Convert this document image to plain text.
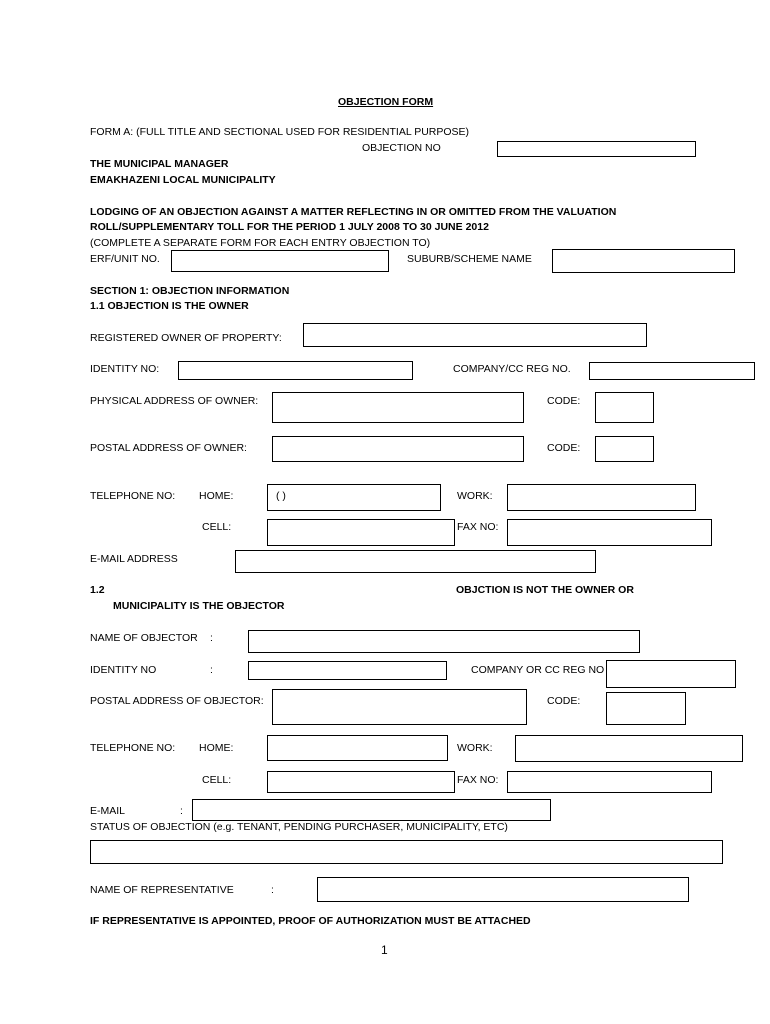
OBJECTION FORM
FORM A: (FULL TITLE AND SECTIONAL USED FOR RESIDENTIAL PURPOSE)
OBJECTION NO
THE MUNICIPAL MANAGER
EMAKHAZENI LOCAL MUNICIPALITY
LODGING OF AN OBJECTION AGAINST A MATTER REFLECTING IN OR OMITTED FROM THE VALUATION
ROLL/SUPPLEMENTARY TOLL FOR THE PERIOD 1 JULY 2008 TO 30 JUNE 2012
(COMPLETE A SEPARATE FORM FOR EACH ENTRY OBJECTION TO)
ERF/UNIT NO.	SUBURB/SCHEME NAME
SECTION 1: OBJECTION INFORMATION
1.1 OBJECTION IS THE OWNER
REGISTERED OWNER OF PROPERTY:
IDENTITY NO:	COMPANY/CC REG NO.
PHYSICAL ADDRESS OF OWNER:	CODE:
POSTAL ADDRESS OF OWNER:	CODE:
TELEPHONE NO: HOME:	( )	WORK:
CELL:	FAX NO:
E-MAIL ADDRESS
1.2	OBJCTION IS NOT THE OWNER OR
MUNICIPALITY IS THE OBJECTOR
NAME OF OBJECTOR :
IDENTITY NO	:	COMPANY OR CC REG NO
POSTAL ADDRESS OF OBJECTOR:	CODE:
TELEPHONE NO: HOME:	WORK:
CELL:	FAX NO:
E-MAIL	:
STATUS OF OBJECTION (e.g. TENANT, PENDING PURCHASER, MUNICIPALITY, ETC)
NAME OF REPRESENTATIVE	:
IF REPRESENTATIVE IS APPOINTED, PROOF OF AUTHORIZATION MUST BE ATTACHED
1
